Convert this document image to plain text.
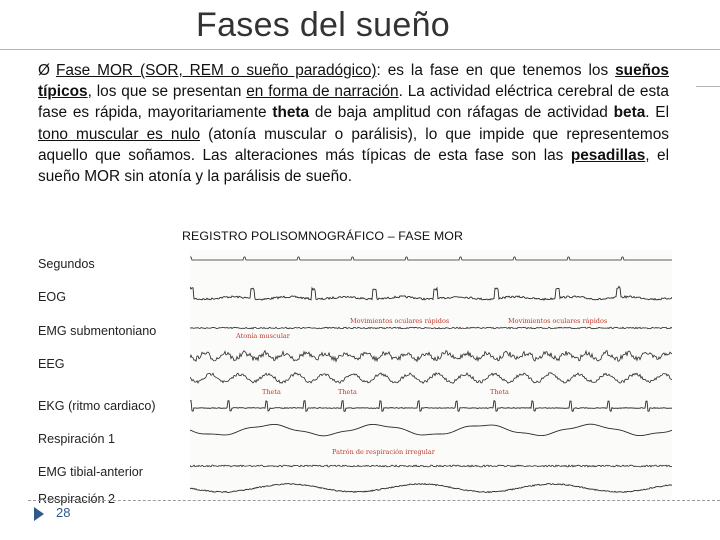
Fases del sueño
Ø Fase MOR (SOR, REM o sueño paradógico): es la fase en que tenemos los sueños típicos, los que se presentan en forma de narración. La actividad eléctrica cerebral de esta fase es rápida, mayoritariamente theta de baja amplitud con ráfagas de actividad beta. El tono muscular es nulo (atonía muscular o parálisis), lo que impide que representemos aquello que soñamos. Las alteraciones más típicas de esta fase son las pesadillas, el sueño MOR sin atonía y la parálisis de sueño.
REGISTRO POLISOMNOGRÁFICO – FASE MOR
Segundos
EOG
EMG submentoniano
EEG
EKG (ritmo cardiaco)
Respiración 1
EMG tibial-anterior
Respiración 2
Movimientos oculares rápidos	Movimientos oculares rápidos
Atonía muscular
Theta	Theta	Theta
Patrón de respiración irregular
28
